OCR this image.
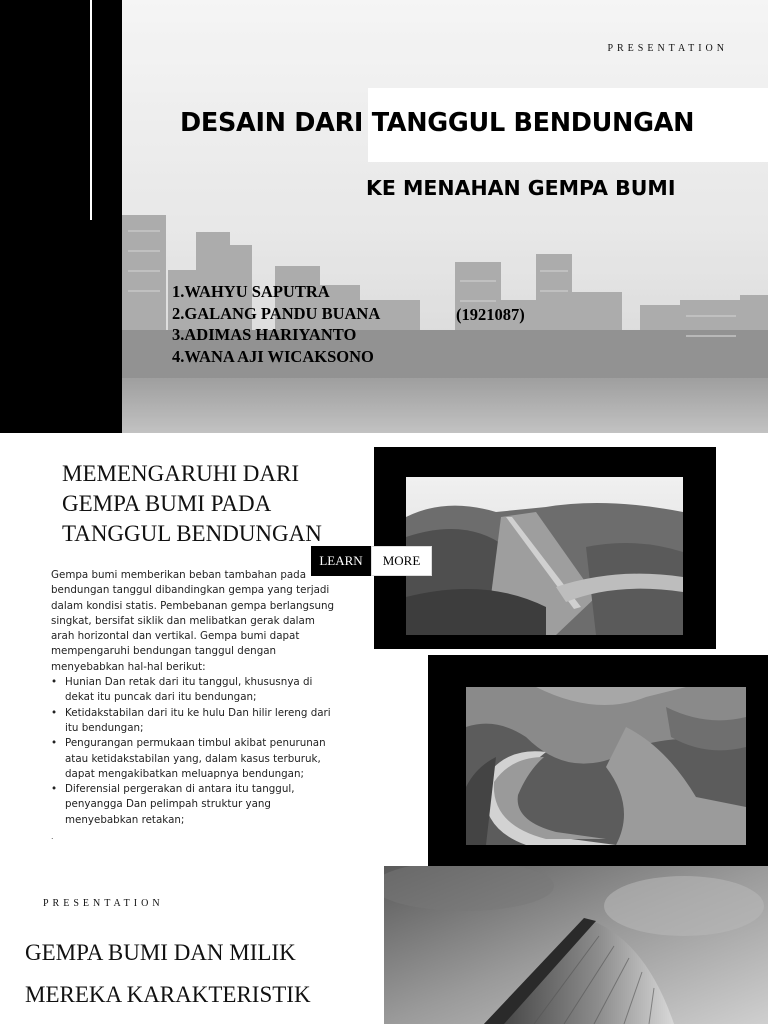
PRESENTATION
DESAIN DARI TANGGUL BENDUNGAN
KE MENAHAN GEMPA BUMI
1.WAHYU SAPUTRA
2.GALANG PANDU BUANA
3.ADIMAS HARIYANTO
4.WANA AJI WICAKSONO
(1921087)
MEMENGARUHI DARI
GEMPA BUMI PADA
TANGGUL BENDUNGAN
LEARN	MORE

Gempa bumi memberikan beban tambahan pada bendungan tanggul dibandingkan gempa yang terjadi dalam kondisi statis. Pembebanan gempa berlangsung singkat, bersifat siklik dan melibatkan gerak dalam arah horizontal dan vertikal. Gempa bumi dapat mempengaruhi bendungan tanggul dengan menyebabkan hal-hal berikut:

• Hunian Dan retak dari itu tanggul, khususnya di dekat itu puncak dari itu bendungan;
• Ketidakstabilan dari itu ke hulu Dan hilir lereng dari itu bendungan;
• Pengurangan permukaan timbul akibat penurunan atau ketidakstabilan yang, dalam kasus terburuk, dapat mengakibatkan meluapnya bendungan;
• Diferensial pergerakan di antara itu tanggul, penyangga Dan pelimpah struktur yang menyebabkan retakan;
.
PRESENTATION
GEMPA BUMI DAN MILIK
MEREKA KARAKTERISTIK
